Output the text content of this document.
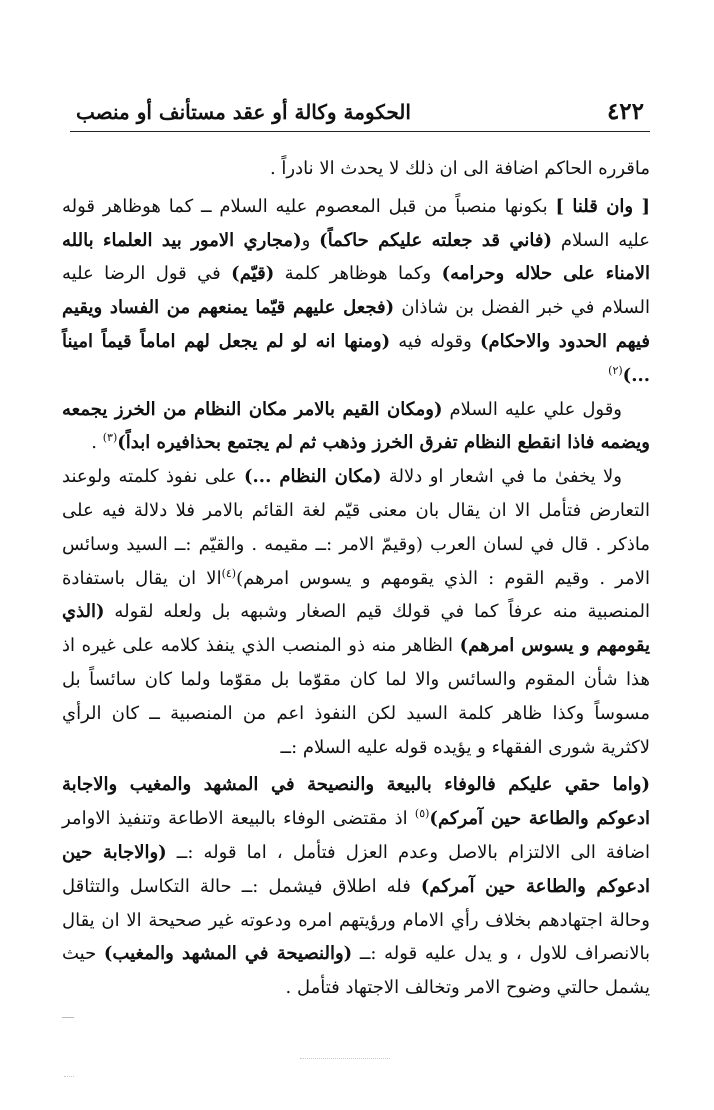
٤٢٢
الحكومة وكالة أو عقد مستأنف أو منصب

ماقرره الحاكم اضافة الى ان ذلك لا يحدث الا نادراً .

[ وان قلنا ] بكونها منصباً من قبل المعصوم عليه السلام ــ كما هوظاهر قوله عليه السلام (فاني قد جعلته عليكم حاكماً) و(مجاري الامور بيد العلماء بالله الامناء على حلاله وحرامه) وكما هوظاهر كلمة (قيّم) في قول الرضا عليه السلام في خبر الفضل بن شاذان (فجعل عليهم قيّما يمنعهم من الفساد ويقيم فيهم الحدود والاحكام) وقوله فيه (ومنها انه لو لم يجعل لهم اماماً قيماً اميناً ...)$^{(٢)}$

وقول علي عليه السلام (ومكان القيم بالامر مكان النظام من الخرز يجمعه ويضمه فاذا انقطع النظام تفرق الخرز وذهب ثم لم يجتمع بحذافيره ابداً)$^{(٣)}$ .

ولا يخفىٰ ما في اشعار او دلالة (مكان النظام ...) على نفوذ كلمته ولوعند التعارض فتأمل الا ان يقال بان معنى قيّم لغة القائم بالامر فلا دلالة فيه على ماذكر . قال في لسان العرب (وقيمّ الامر :ــ مقيمه . والقيّم :ــ السيد وسائس الامر . وقيم القوم : الذي يقومهم و يسوس امرهم)$^{(٤)}$الا ان يقال باستفادة المنصبية منه عرفاً كما في قولك قيم الصغار وشبهه بل ولعله لقوله (الذي يقومهم و يسوس امرهم) الظاهر منه ذو المنصب الذي ينفذ كلامه على غيره اذ هذا شأن المقوم والسائس والا لما كان مقوّما بل مقوّما ولما كان سائساً بل مسوساً وكذا ظاهر كلمة السيد لكن النفوذ اعم من المنصبية ــ كان الرأي لاكثرية شورى الفقهاء و يؤيده قوله عليه السلام :ــ

(واما حقي عليكم فالوفاء بالبيعة والنصيحة في المشهد والمغيب والاجابة ادعوكم والطاعة حين آمركم)$^{(٥)}$ اذ مقتضى الوفاء بالبيعة الاطاعة وتنفيذ الاوامر اضافة الى الالتزام بالاصل وعدم العزل فتأمل ، اما قوله :ــ (والاجابة حين ادعوكم والطاعة حين آمركم) فله اطلاق فيشمل :ــ حالة التكاسل والتثاقل وحالة اجتهادهم بخلاف رأي الامام ورؤيتهم امره ودعوته غير صحيحة الا ان يقال بالانصراف للاول ، و يدل عليه قوله :ــ (والنصيحة في المشهد والمغيب) حيث يشمل حالتي وضوح الامر وتخالف الاجتهاد فتأمل .
